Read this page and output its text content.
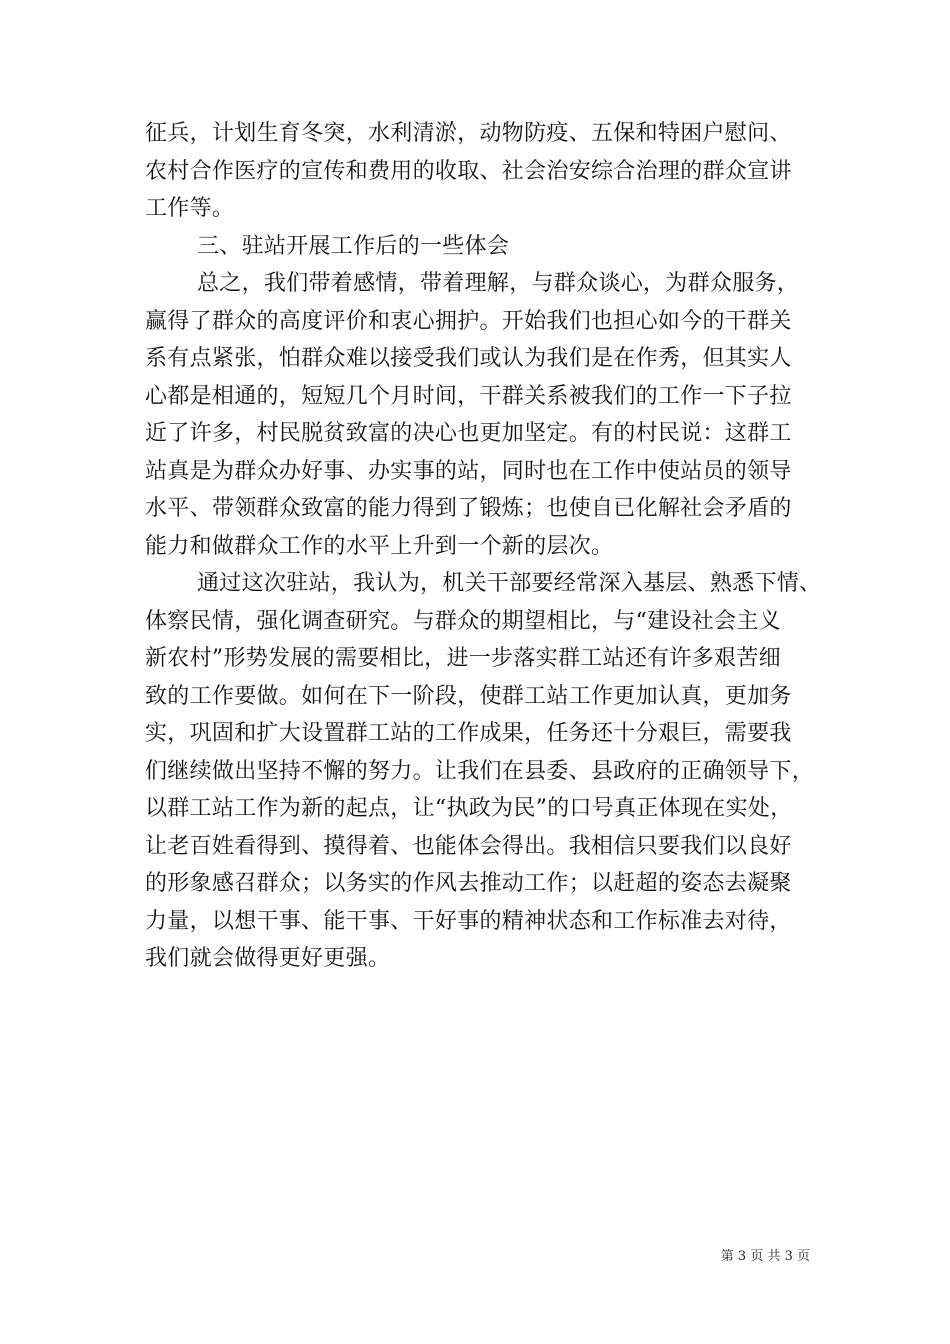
征兵，计划生育冬突，水利清淤，动物防疫、五保和特困户慰问、
农村合作医疗的宣传和费用的收取、社会治安综合治理的群众宣讲
工作等。
三、驻站开展工作后的一些体会
总之，我们带着感情，带着理解，与群众谈心，为群众服务，
赢得了群众的高度评价和衷心拥护。开始我们也担心如今的干群关
系有点紧张，怕群众难以接受我们或认为我们是在作秀，但其实人
心都是相通的，短短几个月时间，干群关系被我们的工作一下子拉
近了许多，村民脱贫致富的决心也更加坚定。有的村民说：这群工
站真是为群众办好事、办实事的站，同时也在工作中使站员的领导
水平、带领群众致富的能力得到了锻炼；也使自已化解社会矛盾的
能力和做群众工作的水平上升到一个新的层次。
通过这次驻站，我认为，机关干部要经常深入基层、熟悉下情、
体察民情，强化调查研究。与群众的期望相比，与“建设社会主义
新农村”形势发展的需要相比，进一步落实群工站还有许多艰苦细
致的工作要做。如何在下一阶段，使群工站工作更加认真，更加务
实，巩固和扩大设置群工站的工作成果，任务还十分艰巨，需要我
们继续做出坚持不懈的努力。让我们在县委、县政府的正确领导下，
以群工站工作为新的起点，让“执政为民”的口号真正体现在实处，
让老百姓看得到、摸得着、也能体会得出。我相信只要我们以良好
的形象感召群众；以务实的作风去推动工作；以赶超的姿态去凝聚
力量，以想干事、能干事、干好事的精神状态和工作标准去对待，
我们就会做得更好更强。
第 3 页 共 3 页
